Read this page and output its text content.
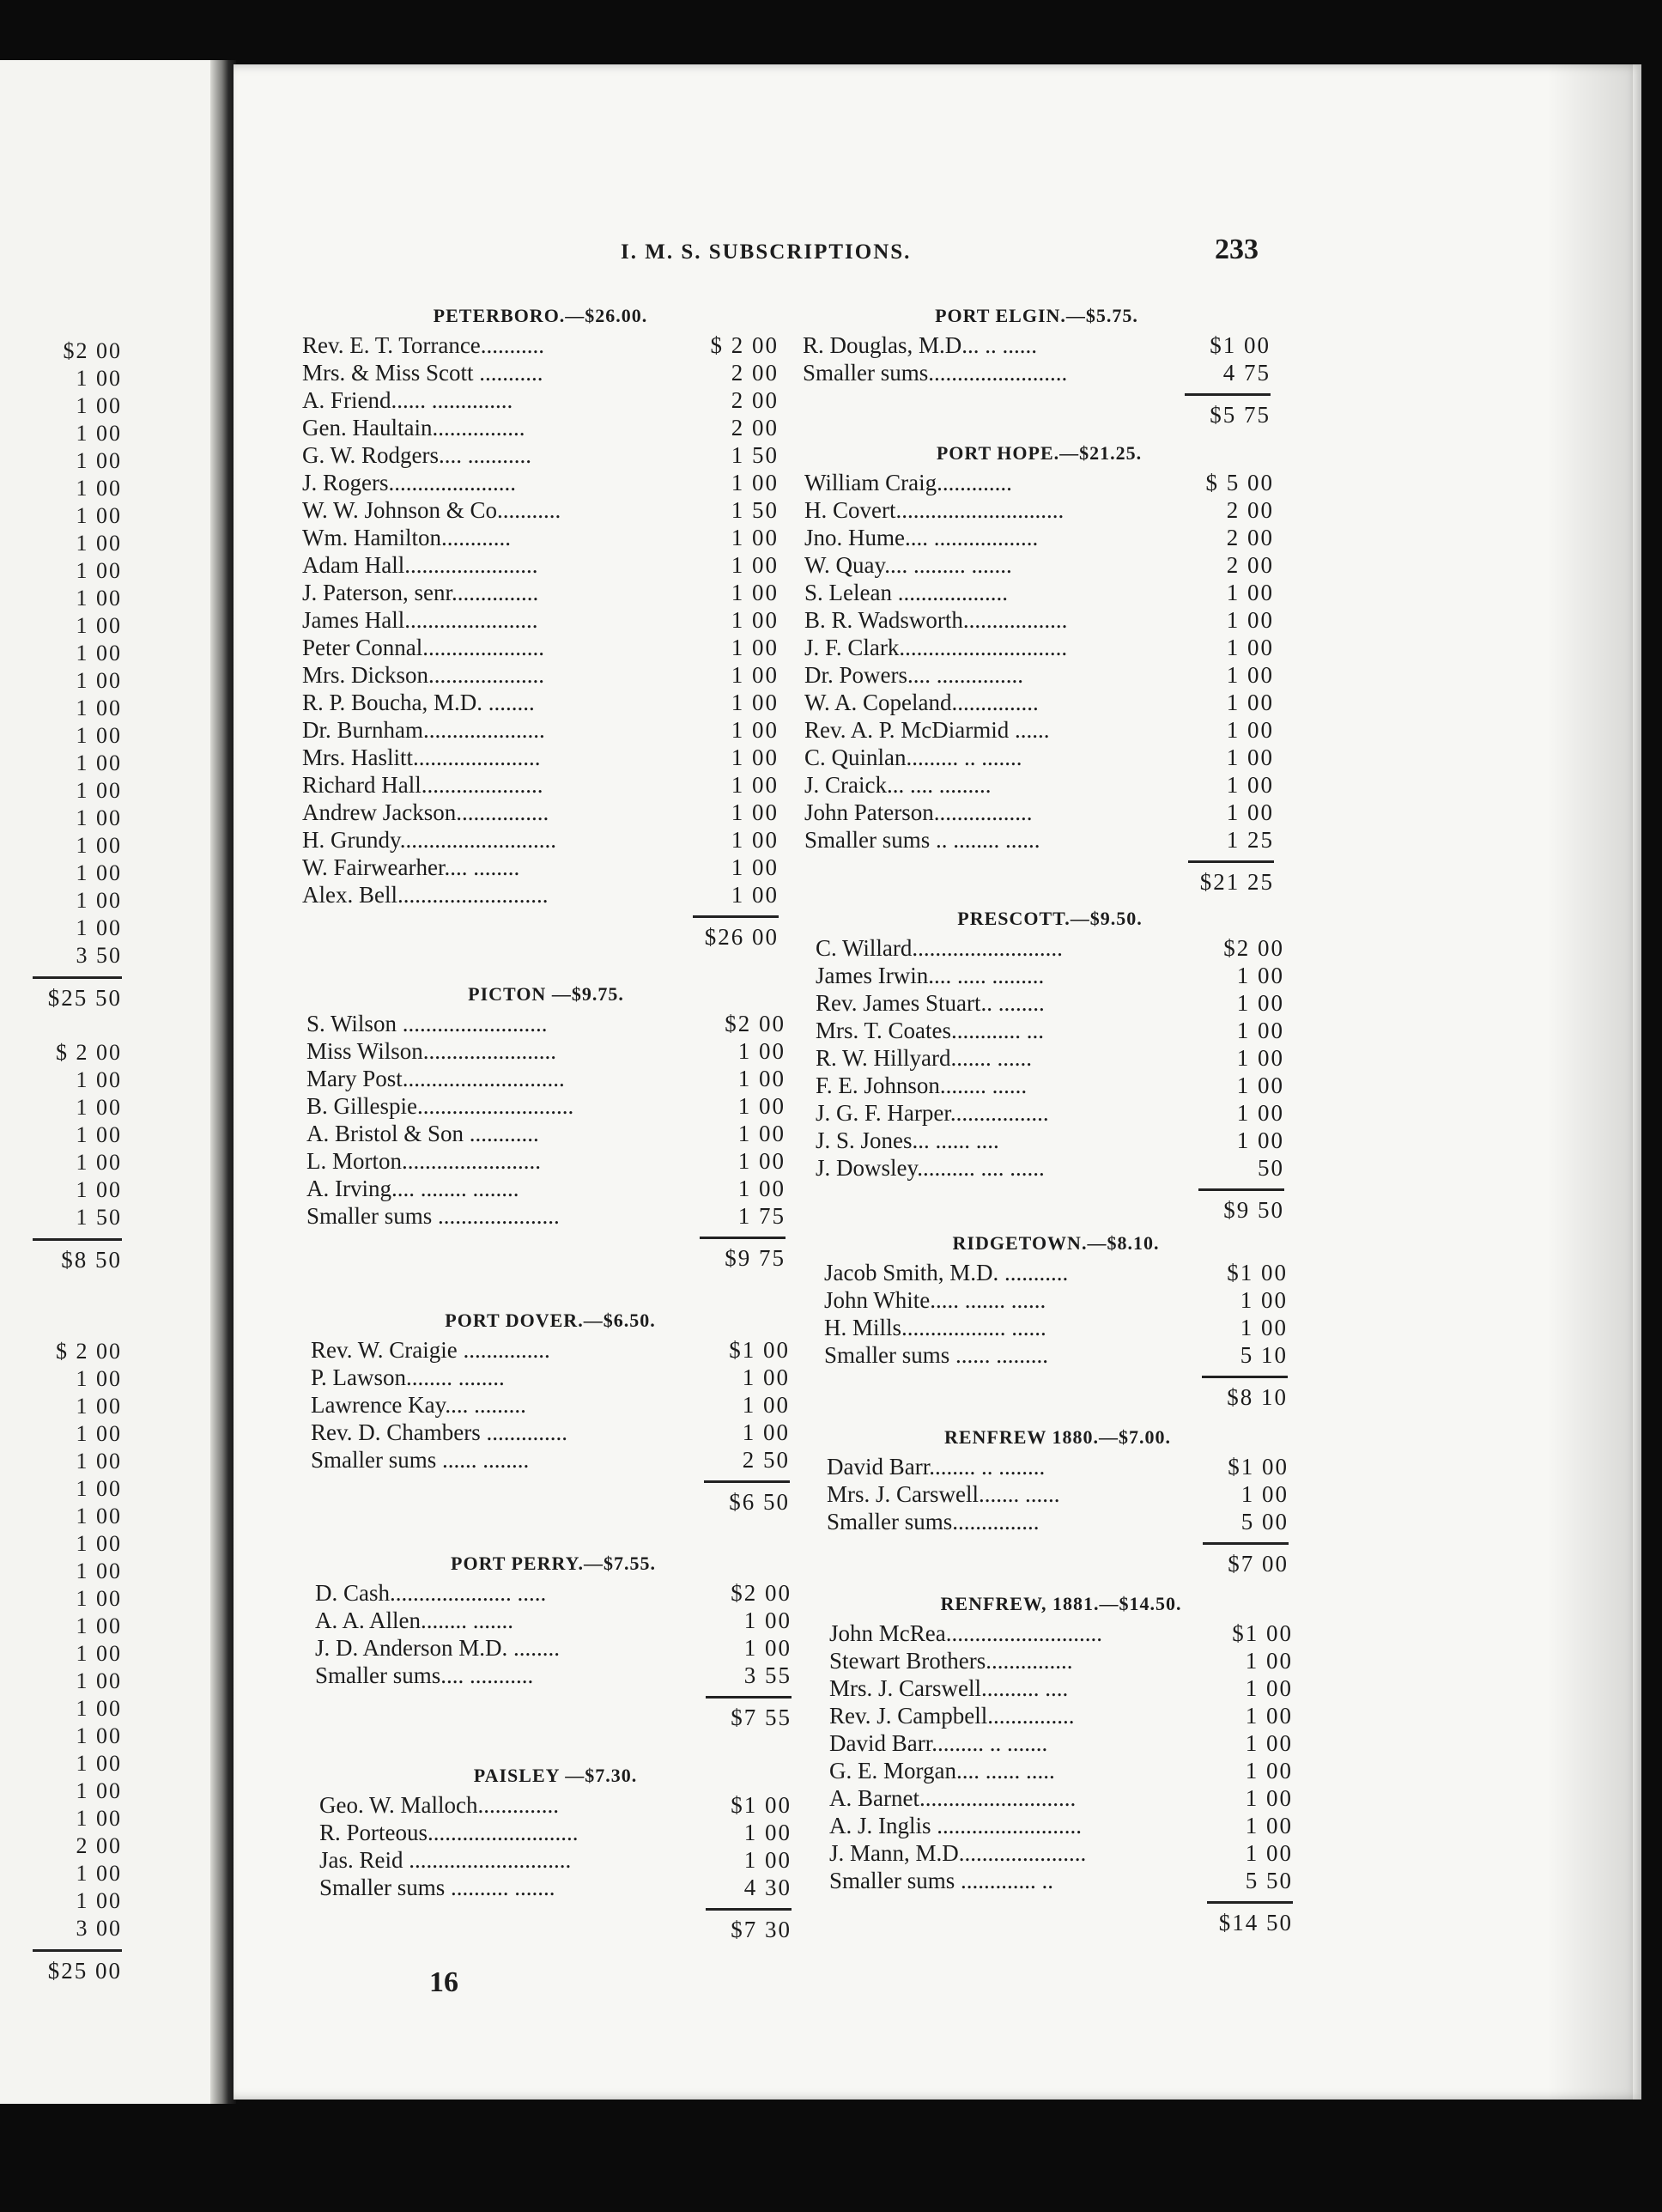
$2 00
1 00
1 00
1 00
1 00
1 00
1 00
1 00
1 00
1 00
1 00
1 00
1 00
1 00
1 00
1 00
1 00
1 00
1 00
1 00
1 00
1 00
3 50
$25 50
$ 2 00
1 00
1 00
1 00
1 00
1 00
1 50
$8 50
$ 2 00
1 00
1 00
1 00
1 00
1 00
1 00
1 00
1 00
1 00
1 00
1 00
1 00
1 00
1 00
1 00
1 00
1 00
2 00
1 00
1 00
3 00
$25 00
I. M. S. SUBSCRIPTIONS.	233
16
PETERBORO.—$26.00.
Rev. E. T. Torrance...........	$ 2 00
Mrs. & Miss Scott ...........	2 00
A. Friend...... ..............	2 00
Gen. Haultain................	2 00
G. W. Rodgers.... ...........	1 50
J. Rogers......................	1 00
W. W. Johnson & Co...........	1 50
Wm. Hamilton............	1 00
Adam Hall.......................	1 00
J. Paterson, senr...............	1 00
James Hall.......................	1 00
Peter Connal.....................	1 00
Mrs. Dickson....................	1 00
R. P. Boucha, M.D. ........	1 00
Dr. Burnham.....................	1 00
Mrs. Haslitt......................	1 00
Richard Hall.....................	1 00
Andrew Jackson................	1 00
H. Grundy...........................	1 00
W. Fairwearher.... ........	1 00
Alex. Bell..........................	1 00
$26 00
PICTON —$9.75.
S. Wilson .........................	$2 00
Miss Wilson.......................	1 00
Mary Post............................	1 00
B. Gillespie...........................	1 00
A. Bristol & Son ............	1 00
L. Morton........................	1 00
A. Irving.... ........ ........	1 00
Smaller sums .....................	1 75
$9 75
PORT DOVER.—$6.50.
Rev. W. Craigie ...............	$1 00
P. Lawson........ ........	1 00
Lawrence Kay.... .........	1 00
Rev. D. Chambers ..............	1 00
Smaller sums ...... ........	2 50
$6 50
PORT PERRY.—$7.55.
D. Cash..................... .....	$2 00
A. A. Allen........ .......	1 00
J. D. Anderson M.D. ........	1 00
Smaller sums.... ...........	3 55
$7 55
PAISLEY —$7.30.
Geo. W. Malloch..............	$1 00
R. Porteous..........................	1 00
Jas. Reid ............................	1 00
Smaller sums .......... .......	4 30
$7 30
PORT ELGIN.—$5.75.
R. Douglas, M.D... .. ......	$1 00
Smaller sums........................	4 75
$5 75
PORT HOPE.—$21.25.
William Craig.............	$ 5 00
H. Covert.............................	2 00
Jno. Hume.... ..................	2 00
W. Quay.... ......... .......	2 00
S. Lelean ...................	1 00
B. R. Wadsworth..................	1 00
J. F. Clark.............................	1 00
Dr. Powers.... ...............	1 00
W. A. Copeland...............	1 00
Rev. A. P. McDiarmid ......	1 00
C. Quinlan......... .. .......	1 00
J. Craick... .... .........	1 00
John Paterson.................	1 00
Smaller sums .. ........ ......	1 25
$21 25
PRESCOTT.—$9.50.
C. Willard..........................	$2 00
James Irwin.... ..... .........	1 00
Rev. James Stuart.. ........	1 00
Mrs. T. Coates............ ...	1 00
R. W. Hillyard....... ......	1 00
F. E. Johnson........ ......	1 00
J. G. F. Harper.................	1 00
J. S. Jones... ...... ....	1 00
J. Dowsley.......... .... ......	50
$9 50
RIDGETOWN.—$8.10.
Jacob Smith, M.D. ...........	$1 00
John White..... ....... ......	1 00
H. Mills.................. ......	1 00
Smaller sums ...... .........	5 10
$8 10
RENFREW 1880.—$7.00.
David Barr........ .. ........	$1 00
Mrs. J. Carswell....... ......	1 00
Smaller sums...............	5 00
$7 00
RENFREW, 1881.—$14.50.
John McRea...........................	$1 00
Stewart Brothers...............	1 00
Mrs. J. Carswell.......... ....	1 00
Rev. J. Campbell...............	1 00
David Barr......... .. .......	1 00
G. E. Morgan.... ...... .....	1 00
A. Barnet...........................	1 00
A. J. Inglis .........................	1 00
J. Mann, M.D......................	1 00
Smaller sums ............. ..	5 50
$14 50
